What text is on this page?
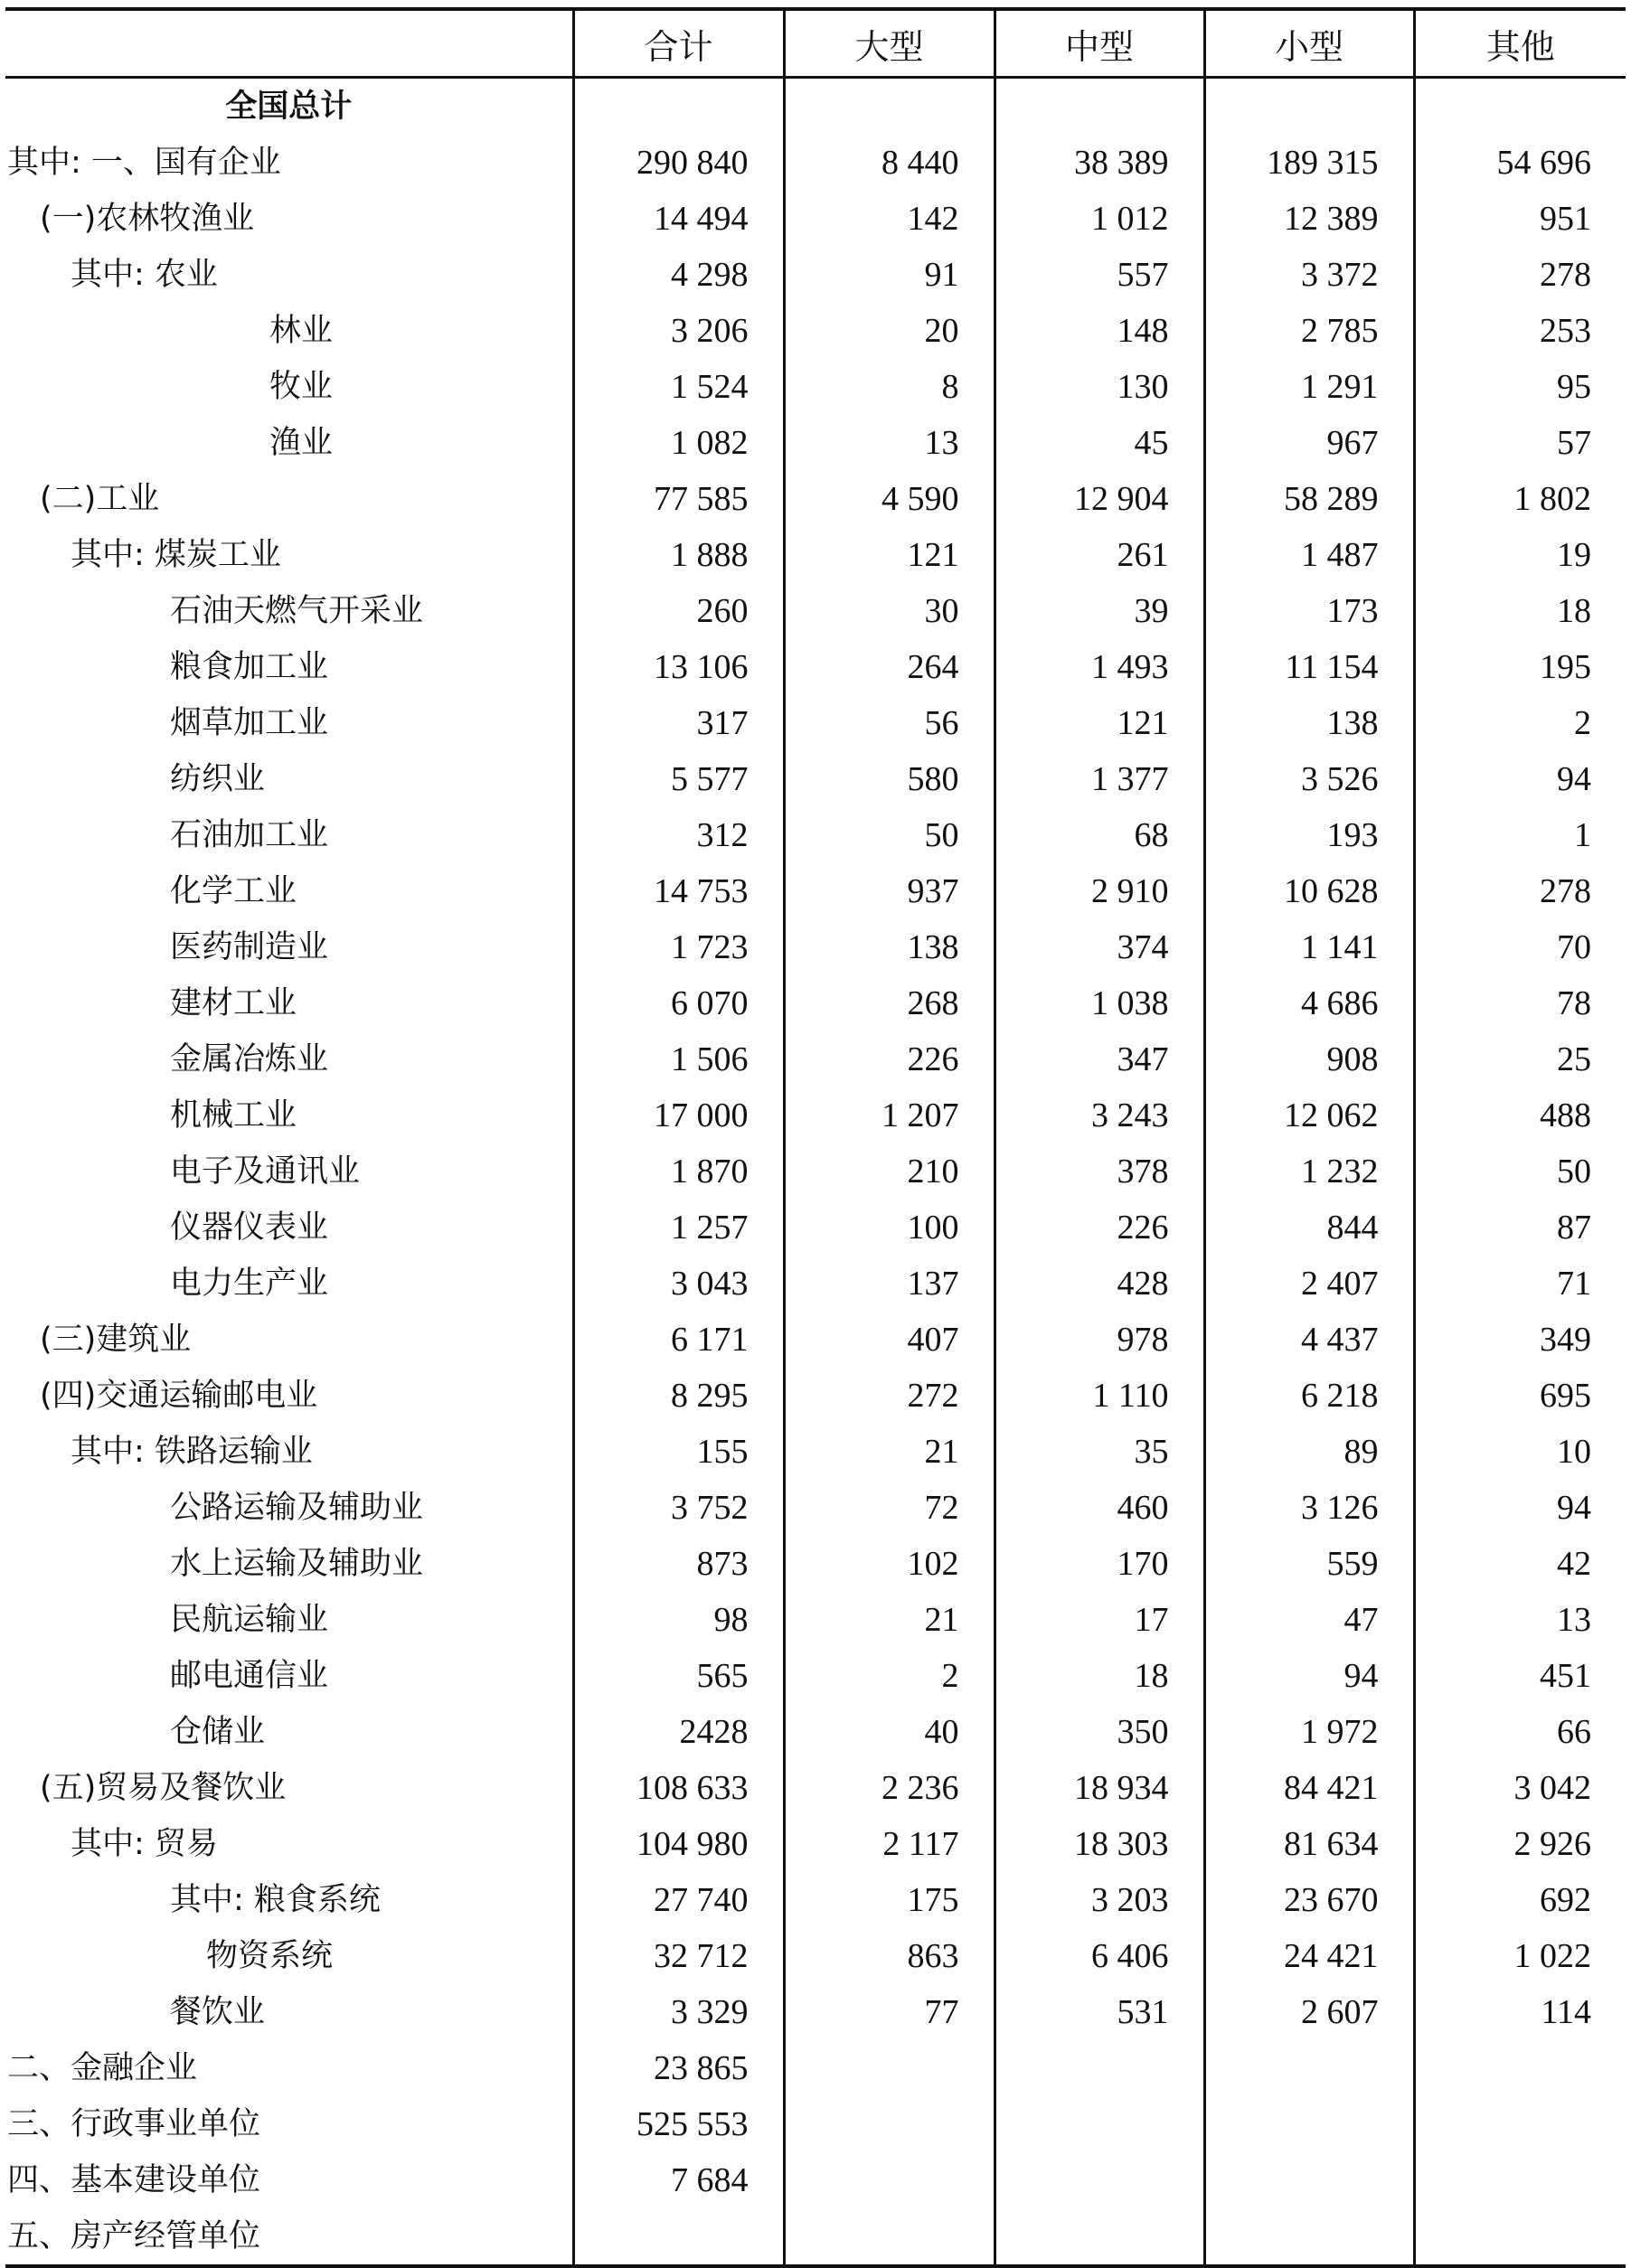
	合计	大型	中型	小型	其他
全国总计					
其中: 一、国有企业	290 840	8 440	38 389	189 315	54 696
(一)农林牧渔业	14 494	142	1 012	12 389	951
其中: 农业	4 298	91	557	3 372	278
林业	3 206	20	148	2 785	253
牧业	1 524	8	130	1 291	95
渔业	1 082	13	45	967	57
(二)工业	77 585	4 590	12 904	58 289	1 802
其中: 煤炭工业	1 888	121	261	1 487	19
石油天燃气开采业	260	30	39	173	18
粮食加工业	13 106	264	1 493	11 154	195
烟草加工业	317	56	121	138	2
纺织业	5 577	580	1 377	3 526	94
石油加工业	312	50	68	193	1
化学工业	14 753	937	2 910	10 628	278
医药制造业	1 723	138	374	1 141	70
建材工业	6 070	268	1 038	4 686	78
金属冶炼业	1 506	226	347	908	25
机械工业	17 000	1 207	3 243	12 062	488
电子及通讯业	1 870	210	378	1 232	50
仪器仪表业	1 257	100	226	844	87
电力生产业	3 043	137	428	2 407	71
(三)建筑业	6 171	407	978	4 437	349
(四)交通运输邮电业	8 295	272	1 110	6 218	695
其中: 铁路运输业	155	21	35	89	10
公路运输及辅助业	3 752	72	460	3 126	94
水上运输及辅助业	873	102	170	559	42
民航运输业	98	21	17	47	13
邮电通信业	565	2	18	94	451
仓储业	2428	40	350	1 972	66
(五)贸易及餐饮业	108 633	2 236	18 934	84 421	3 042
其中: 贸易	104 980	2 117	18 303	81 634	2 926
其中: 粮食系统	27 740	175	3 203	23 670	692
物资系统	32 712	863	6 406	24 421	1 022
餐饮业	3 329	77	531	2 607	114
二、金融企业	23 865				
三、行政事业单位	525 553				
四、基本建设单位	7 684				
五、房产经管单位					
